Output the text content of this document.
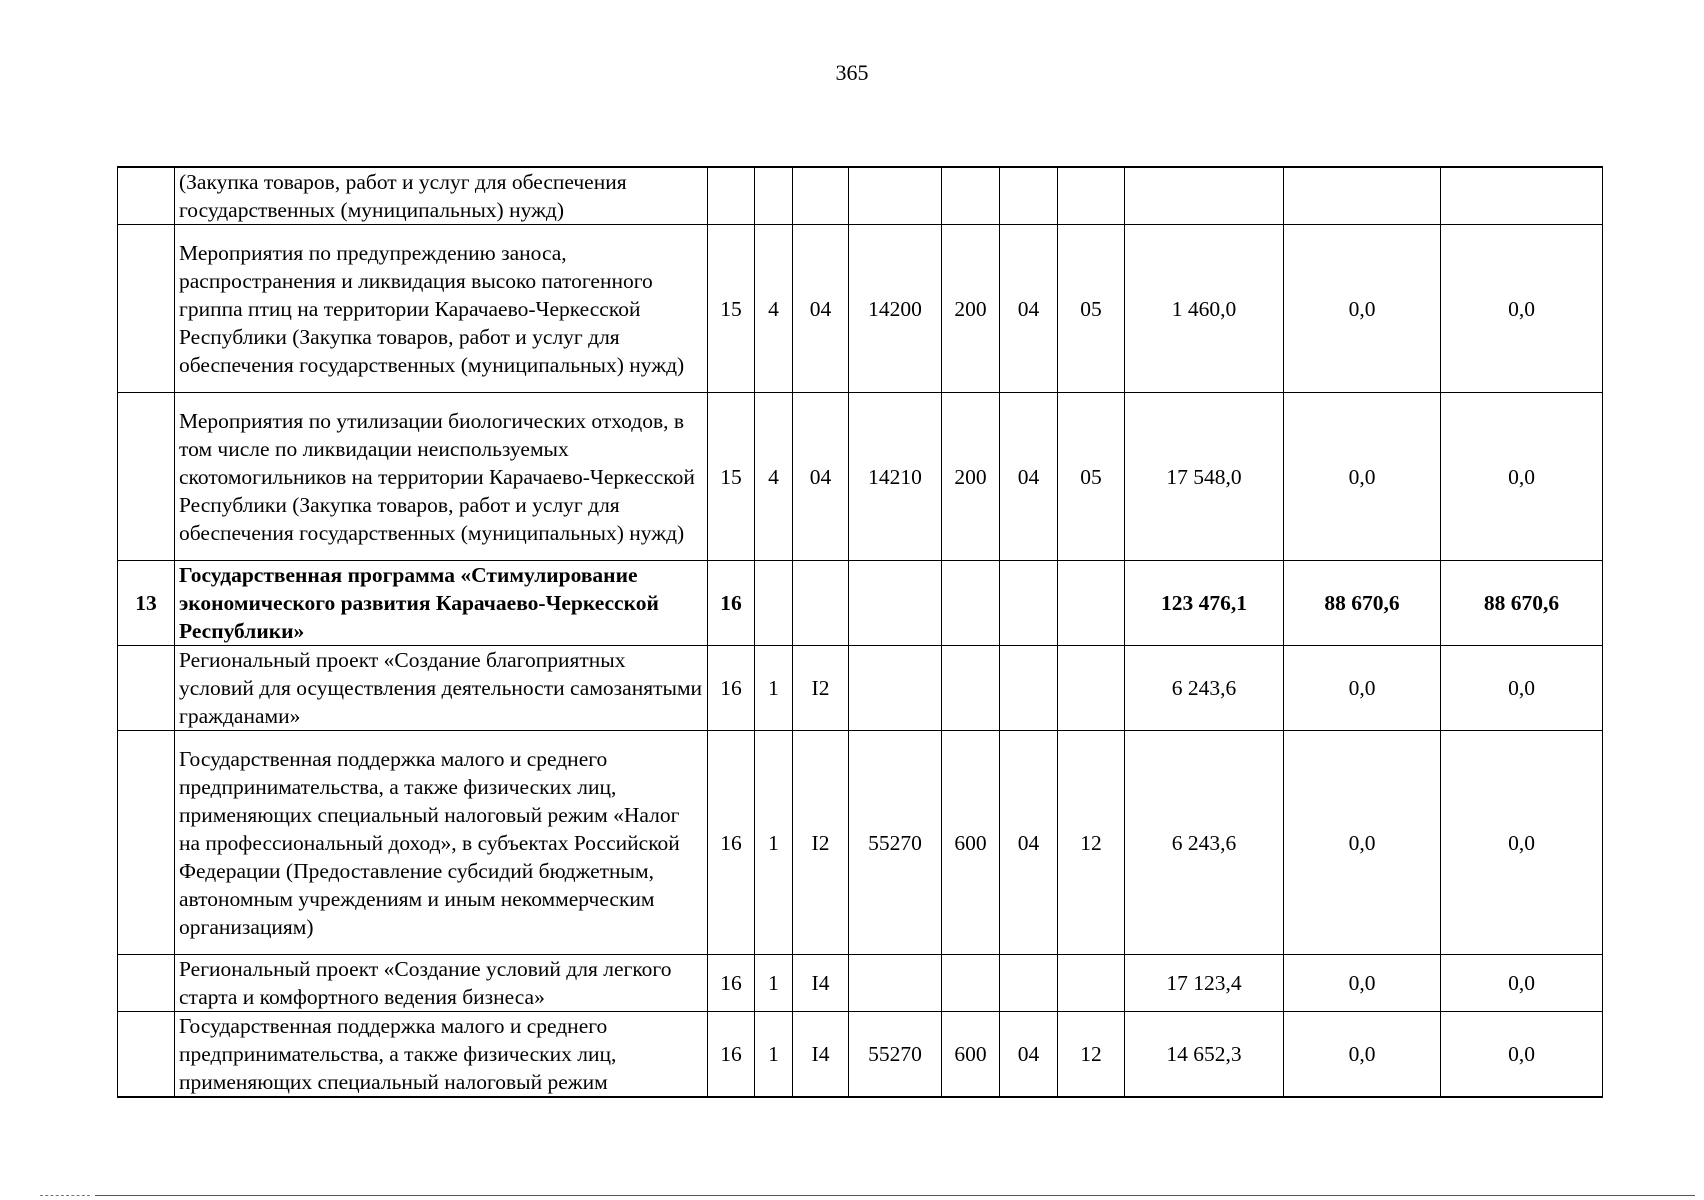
365
	(Закупка товаров, работ и услуг для обеспечения государственных (муниципальных) нужд)										
	Мероприятия по предупреждению заноса, распространения и ликвидация высоко патогенного гриппа птиц на территории Карачаево-Черкесской Республики (Закупка товаров, работ и услуг для обеспечения государственных (муниципальных) нужд)	15	4	04	14200	200	04	05	1 460,0	0,0	0,0
	Мероприятия по утилизации биологических отходов, в том числе по ликвидации неиспользуемых скотомогильников на территории Карачаево-Черкесской Республики (Закупка товаров, работ и услуг для обеспечения государственных (муниципальных) нужд)	15	4	04	14210	200	04	05	17 548,0	0,0	0,0
13	Государственная программа «Стимулирование экономического развития Карачаево-Черкесской Республики»	16							123 476,1	88 670,6	88 670,6
	Региональный проект «Создание благоприятных условий для осуществления деятельности самозанятыми гражданами»	16	1	I2					6 243,6	0,0	0,0
	Государственная поддержка малого и среднего предпринимательства, а также физических лиц, применяющих специальный налоговый режим «Налог на профессиональный доход», в субъектах Российской Федерации (Предоставление субсидий бюджетным, автономным учреждениям и иным некоммерческим организациям)	16	1	I2	55270	600	04	12	6 243,6	0,0	0,0
	Региональный проект «Создание условий для легкого старта и комфортного ведения бизнеса»	16	1	I4					17 123,4	0,0	0,0
	Государственная поддержка малого и среднего предпринимательства, а также физических лиц, применяющих специальный налоговый режим	16	1	I4	55270	600	04	12	14 652,3	0,0	0,0
